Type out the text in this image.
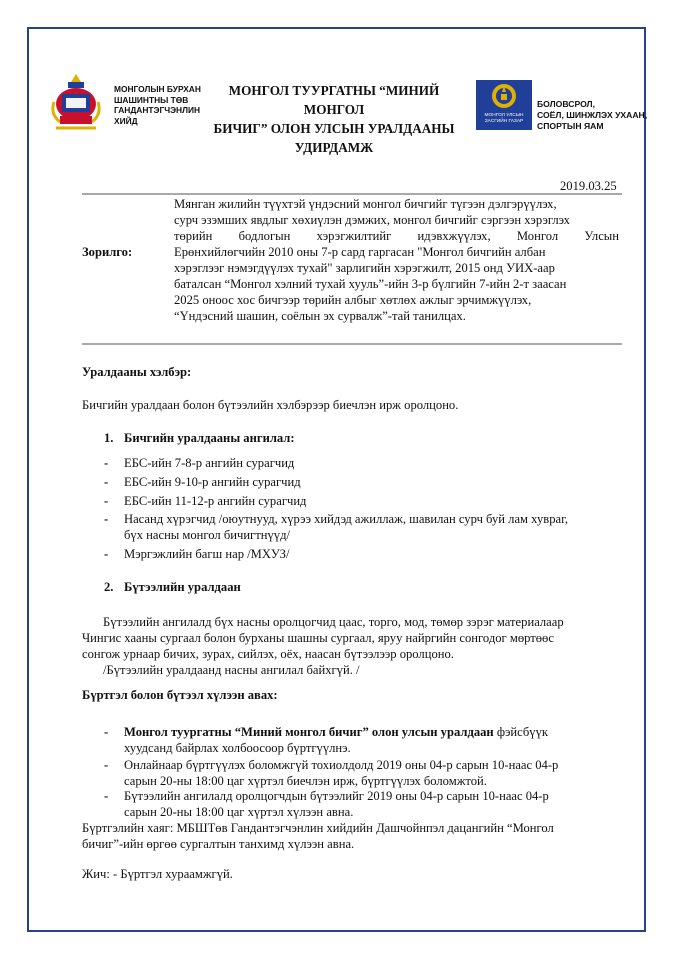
МОНГОЛЫН БУРХАН
ШАШИНТНЫ ТӨВ
ГАНДАНТЭГЧЭНЛИН
ХИЙД
МОНГОЛ ТУУРГАТНЫ “МИНИЙ МОНГОЛ
БИЧИГ” ОЛОН УЛСЫН УРАЛДААНЫ
УДИРДАМЖ
МОНГОЛ УЛСЫН
ЗАСГИЙН ГАЗАР
БОЛОВСРОЛ,
СОЁЛ, ШИНЖЛЭХ УХААН,
СПОРТЫН ЯАМ
2019.03.25
Зорилго:
Мянган жилийн түүхтэй үндэсний монгол бичгийг түгээн дэлгэрүүлэх,
сурч эзэмших явдлыг хөхиүлэн дэмжих, монгол бичгийг сэргээн хэрэглэх
төрийн бодлогын хэрэгжилтийг идэвхжүүлэх, Монгол Улсын
Ерөнхийлөгчийн 2010 оны 7-р сард гаргасан "Монгол бичгийн албан
хэрэглээг нэмэгдүүлэх тухай" зарлигийн хэрэгжилт, 2015 онд УИХ-аар
баталсан “Монгол хэлний тухай хууль”-ийн 3-р бүлгийн 7-ийн 2-т заасан
2025 оноос хос бичгээр төрийн албыг хөтлөх ажлыг эрчимжүүлэх,
“Үндэсний шашин, соёлын эх сурвалж”-тай танилцах.
Уралдааны хэлбэр:
Бичгийн уралдаан болон бүтээлийн хэлбэрээр биечлэн ирж оролцоно.
1. Бичгийн уралдааны ангилал:
-	ЕБС-ийн 7-8-р ангийн сурагчид
-	ЕБС-ийн 9-10-р ангийн сурагчид
-	ЕБС-ийн 11-12-р ангийн сурагчид
-	Насанд хүрэгчид /оюутнууд, хүрээ хийдэд ажиллаж, шавилан сурч буй лам хувраг,
бүх насны монгол бичигтнүүд/
-	Мэргэжлийн багш нар /МХУЗ/
2. Бүтээлийн уралдаан
Бүтээлийн ангилалд бүх насны оролцогчид цаас, торго, мод, төмөр зэрэг материалаар
Чингис хааны сургаал болон бурханы шашны сургаал, яруу найргийн сонгодог мөртөөс
сонгож урнаар бичих, зурах, сийлэх, оёх, наасан бүтээлээр оролцоно.
/Бүтээлийн уралдаанд насны ангилал байхгүй. /
Бүртгэл болон бүтээл хүлээн авах:
-	Монгол туургатны “Миний монгол бичиг” олон улсын уралдаан фэйсбүүк
хуудсанд байрлах холбоосоор бүртгүүлнэ.
-	Онлайнаар бүртгүүлэх боломжгүй тохиолдолд 2019 оны 04-р сарын 10-наас 04-р
сарын 20-ны 18:00 цаг хүртэл биечлэн ирж, бүртгүүлэх боломжтой.
-	Бүтээлийн ангилалд оролцогчдын бүтээлийг 2019 оны 04-р сарын 10-наас 04-р
сарын 20-ны 18:00 цаг хүртэл хүлээн авна.
Бүртгэлийн хаяг: МБШТөв Гандантэгчэнлин хийдийн Дашчойнпэл дацангийн “Монгол
бичиг”-ийн өргөө сургалтын танхимд хүлээн авна.
Жич: - Бүртгэл хураамжгүй.
